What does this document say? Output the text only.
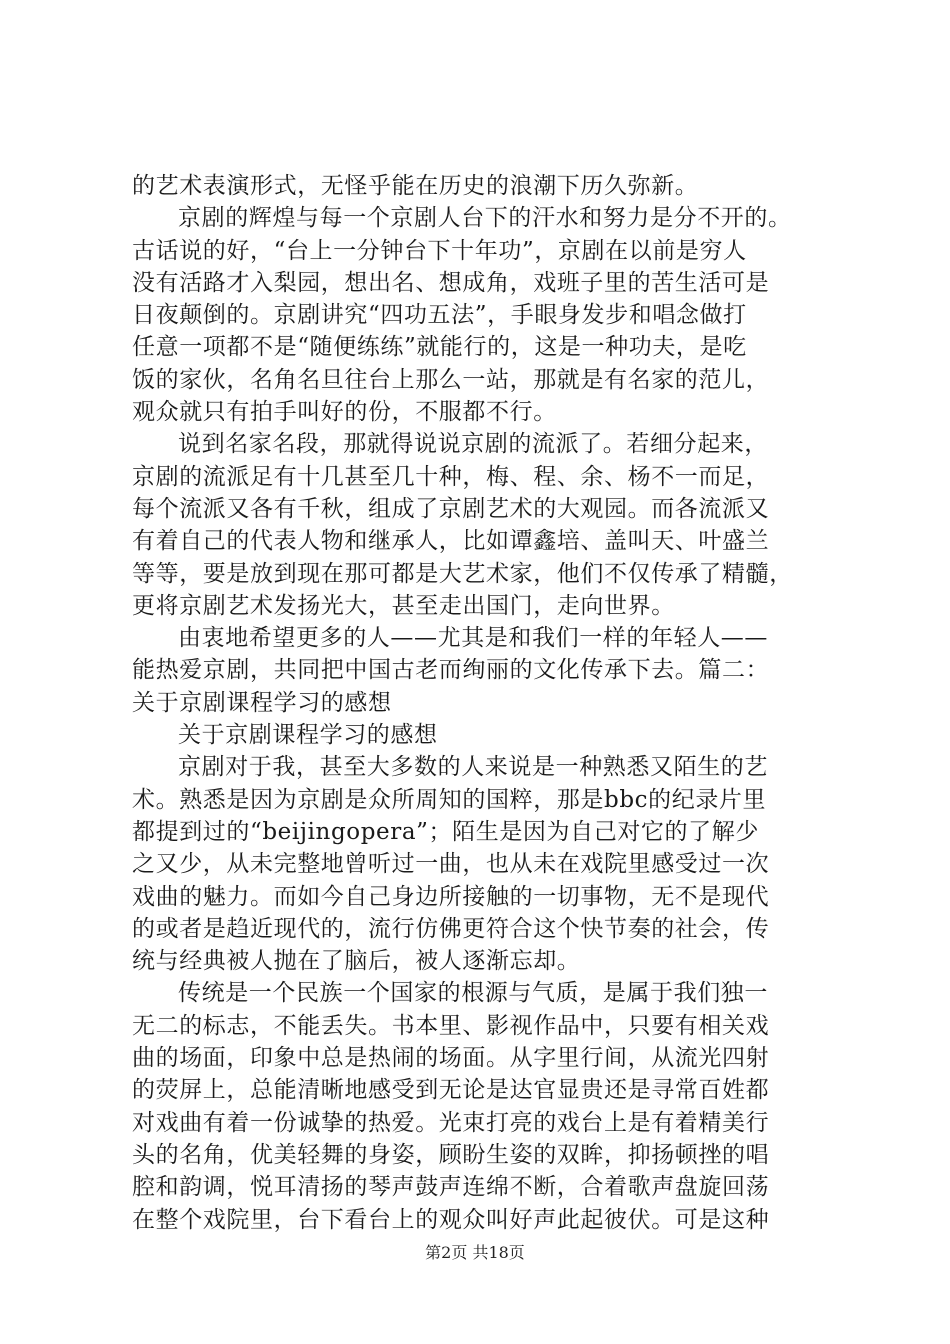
的艺术表演形式，无怪乎能在历史的浪潮下历久弥新。
京剧的辉煌与每一个京剧人台下的汗水和努力是分不开的。
古话说的好，“台上一分钟台下十年功”，京剧在以前是穷人
没有活路才入梨园，想出名、想成角，戏班子里的苦生活可是
日夜颠倒的。京剧讲究“四功五法”，手眼身发步和唱念做打
任意一项都不是“随便练练”就能行的，这是一种功夫，是吃
饭的家伙，名角名旦往台上那么一站，那就是有名家的范儿，
观众就只有拍手叫好的份，不服都不行。
说到名家名段，那就得说说京剧的流派了。若细分起来，
京剧的流派足有十几甚至几十种，梅、程、余、杨不一而足，
每个流派又各有千秋，组成了京剧艺术的大观园。而各流派又
有着自己的代表人物和继承人，比如谭鑫培、盖叫天、叶盛兰
等等，要是放到现在那可都是大艺术家，他们不仅传承了精髓，
更将京剧艺术发扬光大，甚至走出国门，走向世界。
由衷地希望更多的人——尤其是和我们一样的年轻人——
能热爱京剧，共同把中国古老而绚丽的文化传承下去。篇二：
关于京剧课程学习的感想
关于京剧课程学习的感想
京剧对于我，甚至大多数的人来说是一种熟悉又陌生的艺
术。熟悉是因为京剧是众所周知的国粹，那是bbc的纪录片里
都提到过的“beijingopera”；陌生是因为自己对它的了解少
之又少，从未完整地曾听过一曲，也从未在戏院里感受过一次
戏曲的魅力。而如今自己身边所接触的一切事物，无不是现代
的或者是趋近现代的，流行仿佛更符合这个快节奏的社会，传
统与经典被人抛在了脑后，被人逐渐忘却。
传统是一个民族一个国家的根源与气质，是属于我们独一
无二的标志，不能丢失。书本里、影视作品中，只要有相关戏
曲的场面，印象中总是热闹的场面。从字里行间，从流光四射
的荧屏上，总能清晰地感受到无论是达官显贵还是寻常百姓都
对戏曲有着一份诚挚的热爱。光束打亮的戏台上是有着精美行
头的名角，优美轻舞的身姿，顾盼生姿的双眸，抑扬顿挫的唱
腔和韵调，悦耳清扬的琴声鼓声连绵不断，合着歌声盘旋回荡
在整个戏院里，台下看台上的观众叫好声此起彼伏。可是这种
第2页 共18页
